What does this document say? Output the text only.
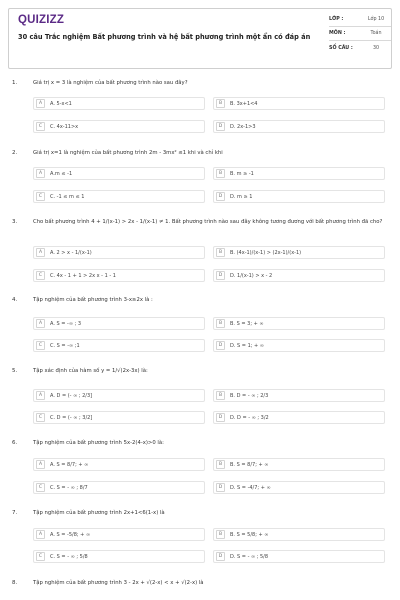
QUIZIZZ
30 câu Trắc nghiệm Bất phương trình và hệ bất phương trình một ẩn có đáp án
LỚP :	Lớp 10
MÔN :	Toán
SỐ CÂU :	30
1.	Giá trị x = 3 là nghiệm của bất phương trình nào sau đây?
A	A. 5-x<1	B	B. 3x+1<4
C	C. 4x-11>x	D	D. 2x-1>3
2.	Giá trị x=1 là nghiệm của bất phương trình 2m - 3mx² ≤1 khi và chỉ khi
A	A.m ≤ -1	B	B. m ≥ -1
C	C. -1 ≤ m ≤ 1	D	D. m ≥ 1
3.	Cho bất phương trình 4 + 1/(x-1) > 2x - 1/(x-1) ≠ 1. Bất phương trình nào sau đây không tương đương với bất phương trình đã cho?
A	A. 2 > x - 1/(x-1)	B	B. (4x-1)/(x-1) > (2x-1)/(x-1)
C	C. 4x - 1 + 1 > 2x x - 1 - 1	D	D. 1/(x-1) > x - 2
4.	Tập nghiệm của bất phương trình 3-x≥2x là :
A	A. S = -∞ ; 3	B	B. S = 3; + ∞
C	C. S = -∞ ;1	D	D. S = 1; + ∞
5.	Tập xác định của hàm số y = 1/√(2x-3x) là:
A	A. D = (- ∞ ; 2/3]	B	B. D = - ∞ ; 2/3
C	C. D = (- ∞ ; 3/2]	D	D. D = - ∞ ; 3/2
6.	Tập nghiệm của bất phương trình 5x-2(4-x)>0 là:
A	A. S = 8/7; + ∞	B	B. S = 8/7; + ∞
C	C. S = - ∞ ; 8/7	D	D. S = -4/7; + ∞
7.	Tập nghiệm của bất phương trình 2x+1<6(1-x) là
A	A. S = -5/8; + ∞	B	B. S = 5/8; + ∞
C	C. S = - ∞ ; 5/8	D	D. S = - ∞ ; 5/8
8.	Tập nghiệm của bất phương trình 3 - 2x + √(2-x) < x + √(2-x) là
